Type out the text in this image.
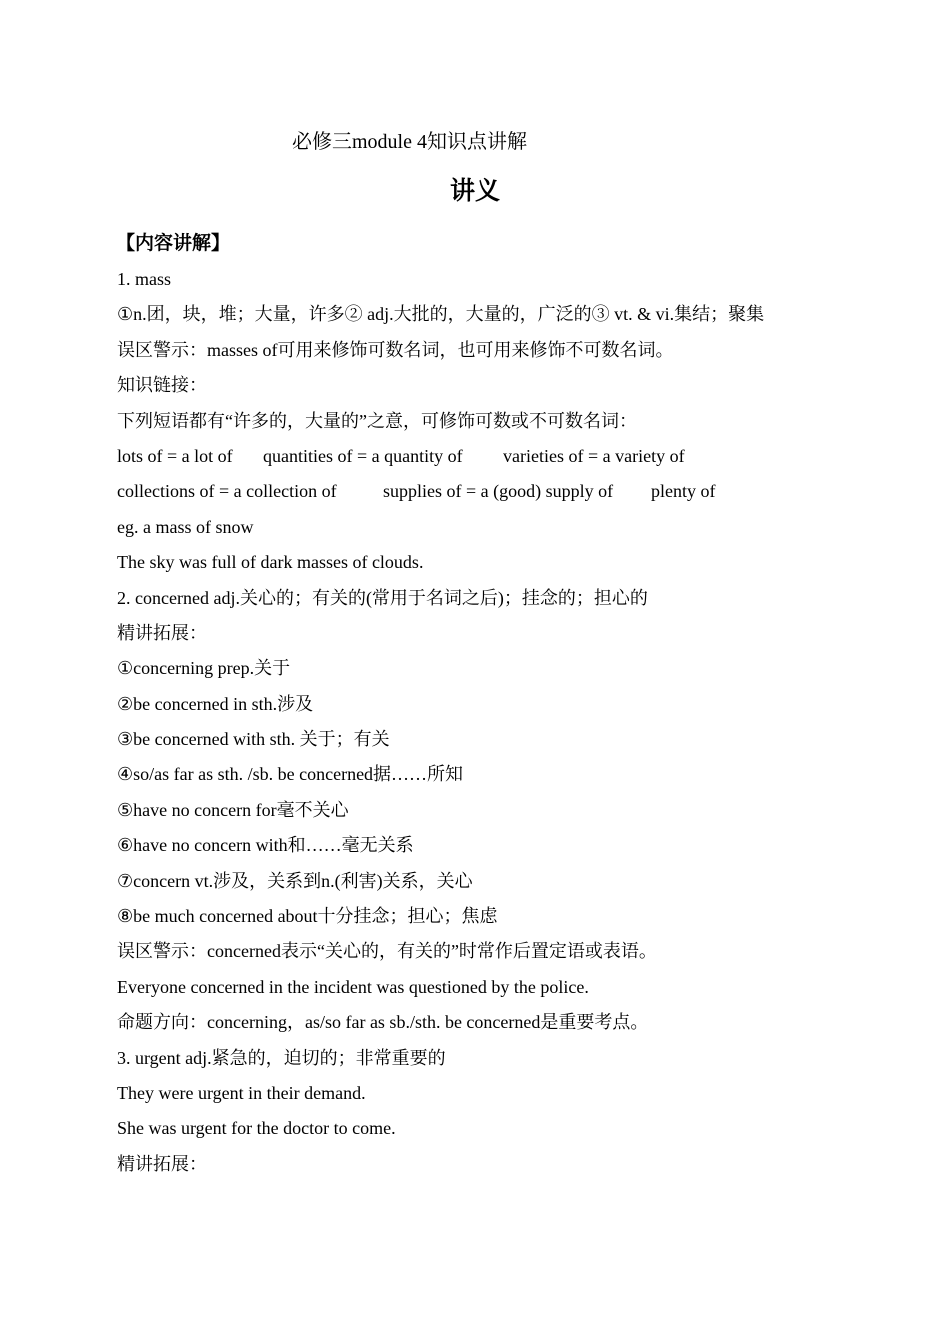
必修三module 4知识点讲解
讲义
【内容讲解】
1. mass
①n.团，块，堆；大量，许多② adj.大批的，大量的，广泛的③ vt. & vi.集结；聚集
误区警示：masses of可用来修饰可数名词，也可用来修饰不可数名词。
知识链接：
下列短语都有“许多的，大量的”之意，可修饰可数或不可数名词：
lots of = a lot of quantities of = a quantity of varieties of = a variety of
collections of = a collection of	supplies of = a (good) supply of plenty of
eg. a mass of snow
The sky was full of dark masses of clouds.
2. concerned adj.关心的；有关的(常用于名词之后)；挂念的；担心的
精讲拓展：
①concerning prep.关于
②be concerned in sth.涉及
③be concerned with sth. 关于；有关
④so/as far as sth. /sb. be concerned据……所知
⑤have no concern for毫不关心
⑥have no concern with和……毫无关系
⑦concern vt.涉及，关系到n.(利害)关系，关心
⑧be much concerned about十分挂念；担心；焦虑
误区警示：concerned表示“关心的，有关的”时常作后置定语或表语。
Everyone concerned in the incident was questioned by the police.
命题方向：concerning，as/so far as sb./sth. be concerned是重要考点。
3. urgent adj.紧急的，迫切的；非常重要的
They were urgent in their demand.
She was urgent for the doctor to come.
精讲拓展：
